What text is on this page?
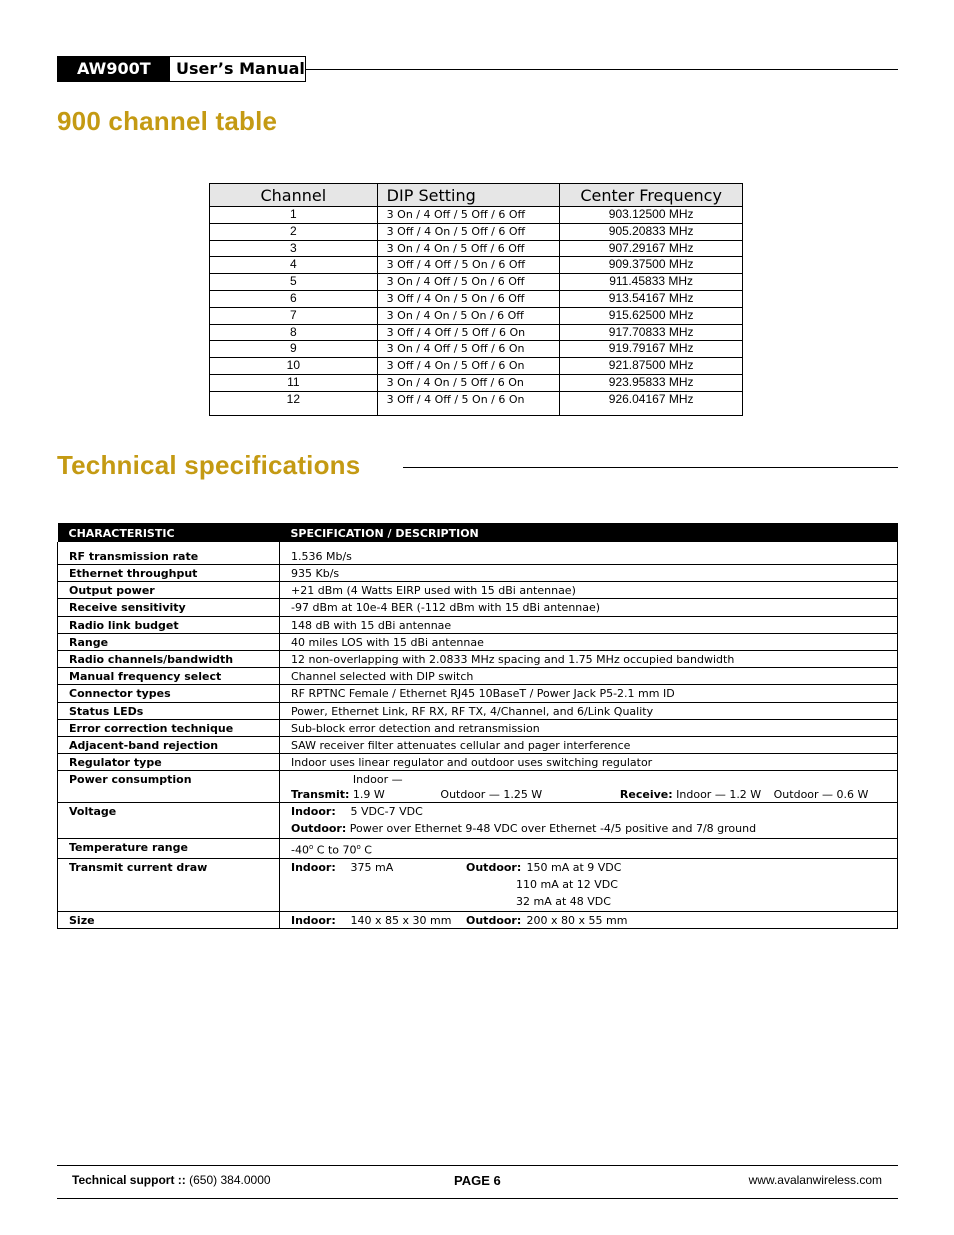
AW900T	User’s Manual
900 channel table
Channel	DIP Setting	Center Frequency
1	3 On / 4 Off / 5 Off / 6 Off	903.12500 MHz
2	3 Off / 4 On / 5 Off / 6 Off	905.20833 MHz
3	3 On / 4 On / 5 Off / 6 Off	907.29167 MHz
4	3 Off / 4 Off / 5 On / 6 Off	909.37500 MHz
5	3 On / 4 Off / 5 On / 6 Off	911.45833 MHz
6	3 Off / 4 On / 5 On / 6 Off	913.54167 MHz
7	3 On / 4 On / 5 On / 6 Off	915.62500 MHz
8	3 Off / 4 Off / 5 Off / 6 On	917.70833 MHz
9	3 On / 4 Off / 5 Off / 6 On	919.79167 MHz
10	3 Off / 4 On / 5 Off / 6 On	921.87500 MHz
11	3 On / 4 On / 5 Off / 6 On	923.95833 MHz
12	3 Off / 4 Off / 5 On / 6 On	926.04167 MHz
Technical specifications
CHARACTERISTIC	SPECIFICATION / DESCRIPTION
RF transmission rate	1.536 Mb/s
Ethernet throughput	935 Kb/s
Output power	+21 dBm (4 Watts EIRP used with 15 dBi antennae)
Receive sensitivity	-97 dBm at 10e-4 BER (-112 dBm with 15 dBi antennae)
Radio link budget	148 dB with 15 dBi antennae
Range	40 miles LOS with 15 dBi antennae
Radio channels/bandwidth	12 non-overlapping with 2.0833 MHz spacing and 1.75 MHz occupied bandwidth
Manual frequency select	Channel selected with DIP switch
Connector types	RF RPTNC Female / Ethernet RJ45 10BaseT / Power Jack P5-2.1 mm ID
Status LEDs	Power, Ethernet Link, RF RX, RF TX, 4/Channel, and 6/Link Quality
Error correction technique	Sub-block error detection and retransmission
Adjacent-band rejection	SAW receiver filter attenuates cellular and pager interference
Regulator type	Indoor uses linear regulator and outdoor uses switching regulator
Power consumption	Transmit: Indoor — 1.9 W Outdoor — 1.25 W Receive: Indoor — 1.2 W Outdoor — 0.6 W
Voltage	Indoor: 5 VDC-7 VDC
Outdoor: Power over Ethernet 9-48 VDC over Ethernet -4/5 positive and 7/8 ground

Temperature range	-40$^o$ C to 70$^o$ C
Transmit current draw	Indoor: 375 mA Outdoor: 150 mA at 9 VDC
110 mA at 12 VDC
32 mA at 48 VDC

Size	Indoor: 140 x 85 x 30 mm Outdoor: 200 x 80 x 55 mm
Technical support :: (650) 384.0000	PAGE 6	www.avalanwireless.com
